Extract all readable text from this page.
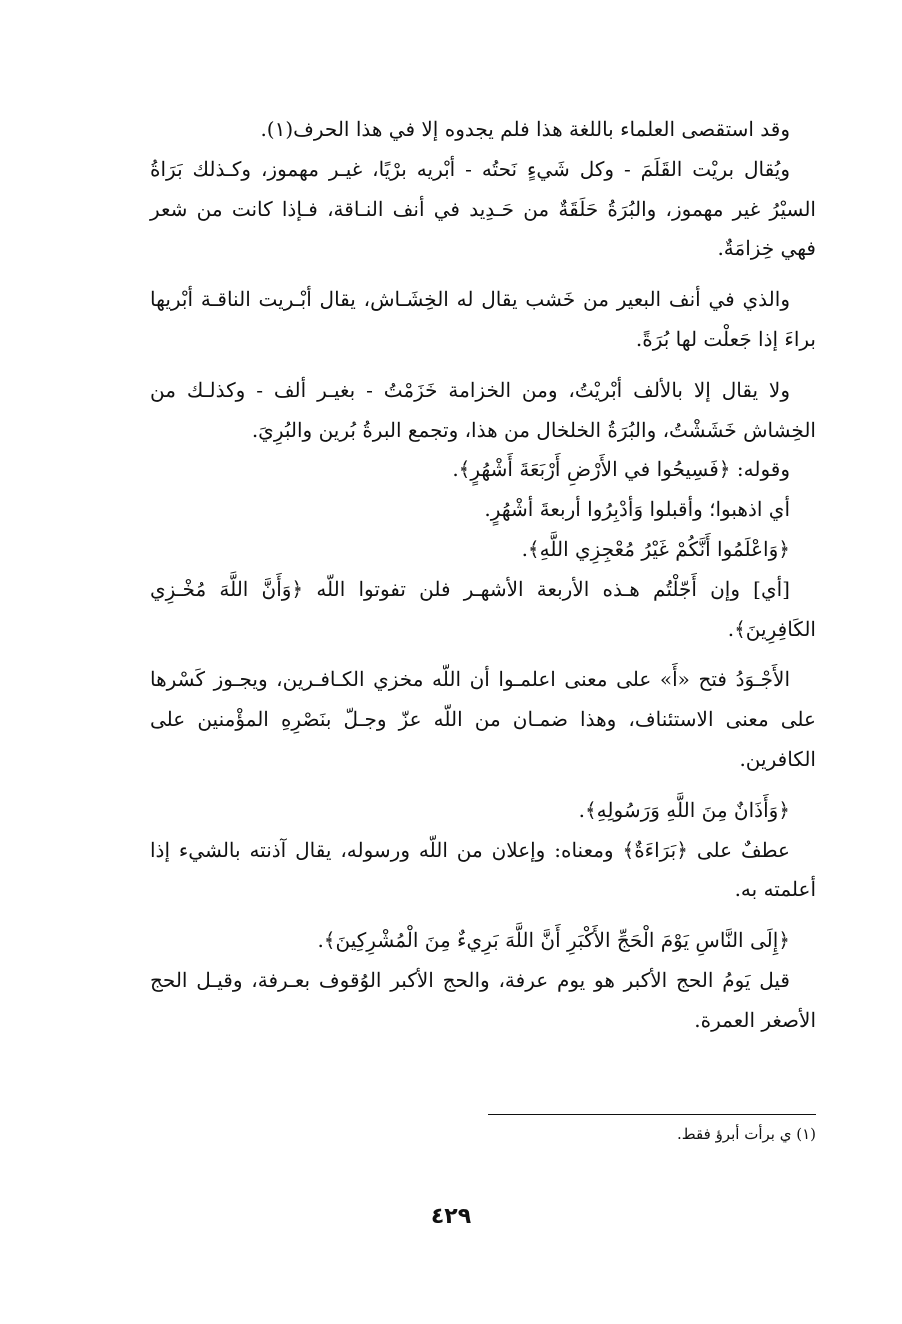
وقد استقصى العلماء باللغة هذا فلم يجدوه إلا في هذا الحرف(١).

ويُقال بريْت القَلَمَ - وكل شَيءٍ نَحتُه - أبْريه برْيًا، غيـر مهموز، وكـذلك بَرَاةُ السيْرُ غير مهموز، والبُرَةُ حَلَقَةٌ من حَـدِيد في أنف النـاقة، فـإذا كانت من شعر فهي خِزامَةٌ.

والذي في أنف البعير من خَشب يقال له الخِشَـاش، يقال أبْـريت الناقـة أبْريها براءَ إذا جَعلْت لها بُرَةً.

ولا يقال إلا بالألف أبْريْتُ، ومن الخزامة خَزَمْتُ - بغيـر ألف - وكذلـك من الخِشاش خَشَشْتُ، والبُرَةُ الخلخال من هذا، وتجمع البرةُ بُرين والبُرِيَ.

وقوله: ﴿فَسِيحُوا في الأَرْضِ أَرْبَعَةَ أَشْهُرٍ﴾.

أي اذهبوا؛ وأقبلوا وَأدْبِرُوا أربعةَ أشْهُرٍ.

﴿وَاعْلَمُوا أَنَّكُمْ غَيْرُ مُعْجِزِي اللَّهِ﴾.

[أي] وإن أَجّلْتُم هـذه الأربعة الأشهـر فلن تفوتوا اللّه ﴿وَأَنَّ اللَّهَ مُخْـزِي الكَافِرِينَ﴾.

الأَجْـوَدُ فتح «أَ» على معنى اعلمـوا أن اللّه مخزي الكـافـرين، ويجـوز كَسْرها على معنى الاستئناف، وهذا ضمـان من اللّه عزّ وجـلّ بنَصْرِهِ المؤْمنين على الكافرين.

﴿وَأَذَانٌ مِنَ اللَّهِ وَرَسُولِهِ﴾.

عطفٌ على ﴿بَرَاءَةٌ﴾ ومعناه: وإعلان من اللّه ورسوله، يقال آذنته بالشيء إذا أعلمته به.

﴿إِلَى النَّاسِ يَوْمَ الْحَجِّ الأَكْبَرِ أَنَّ اللَّهَ بَرِيءٌ مِنَ الْمُشْرِكِينَ﴾.

قيل يَومُ الحج الأكبر هو يوم عرفة، والحج الأكبر الوُقوف بعـرفة، وقيـل الحج الأصغر العمرة.

(١) ي برأت أبرؤ فقط.
٤٢٩
